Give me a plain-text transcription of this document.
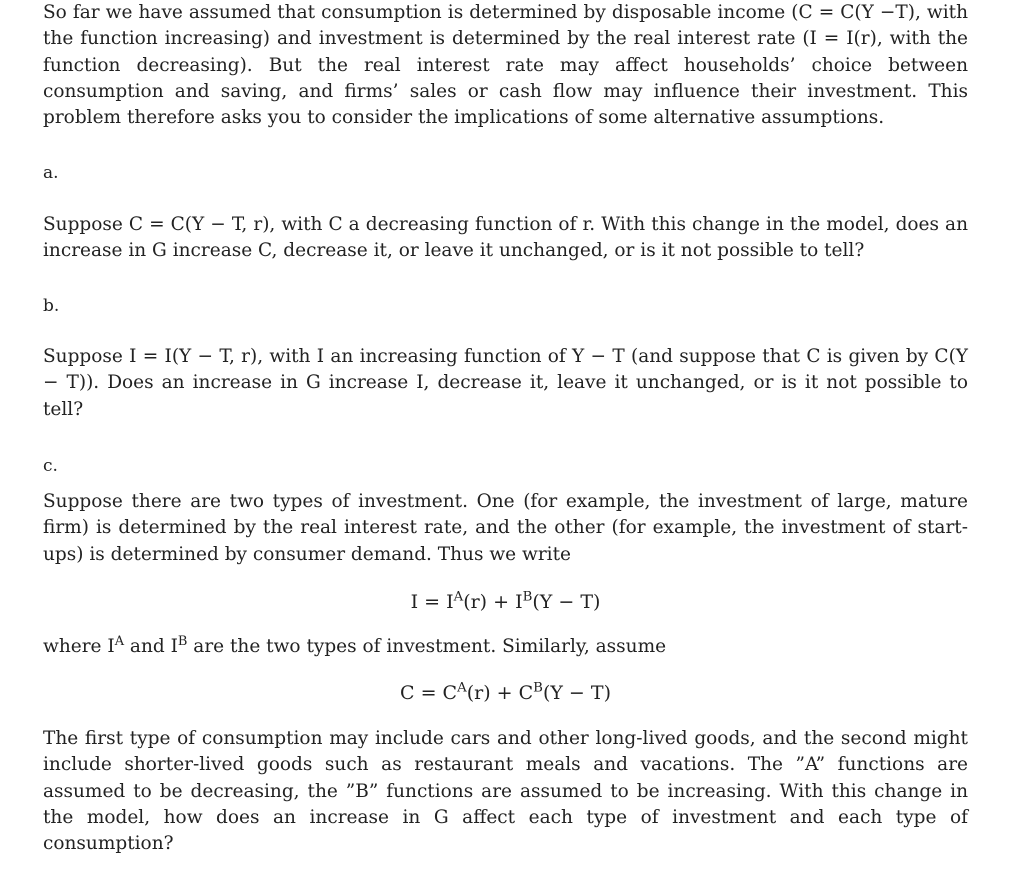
So far we have assumed that consumption is determined by disposable income (C = C(Y −T), with the function increasing) and investment is determined by the real interest rate (I = I(r), with the function decreasing). But the real interest rate may affect households’ choice between consumption and saving, and firms’ sales or cash flow may influence their investment. This problem therefore asks you to consider the implications of some alternative assumptions.

a.

Suppose C = C(Y − T, r), with C a decreasing function of r. With this change in the model, does an increase in G increase C, decrease it, or leave it unchanged, or is it not possible to tell?

b.

Suppose I = I(Y − T, r), with I an increasing function of Y − T (and suppose that C is given by C(Y − T)). Does an increase in G increase I, decrease it, leave it unchanged, or is it not possible to tell?

c.

Suppose there are two types of investment. One (for example, the investment of large, mature firm) is determined by the real interest rate, and the other (for example, the investment of start-ups) is determined by consumer demand. Thus we write

$I = I^A(r) + I^B(Y - T)$

where $I^A$ and $I^B$ are the two types of investment. Similarly, assume

$C = C^A(r) + C^B(Y - T)$

The first type of consumption may include cars and other long-lived goods, and the second might include shorter-lived goods such as restaurant meals and vacations. The ”A” functions are assumed to be decreasing, the ”B” functions are assumed to be increasing. With this change in the model, how does an increase in G affect each type of investment and each type of consumption?
